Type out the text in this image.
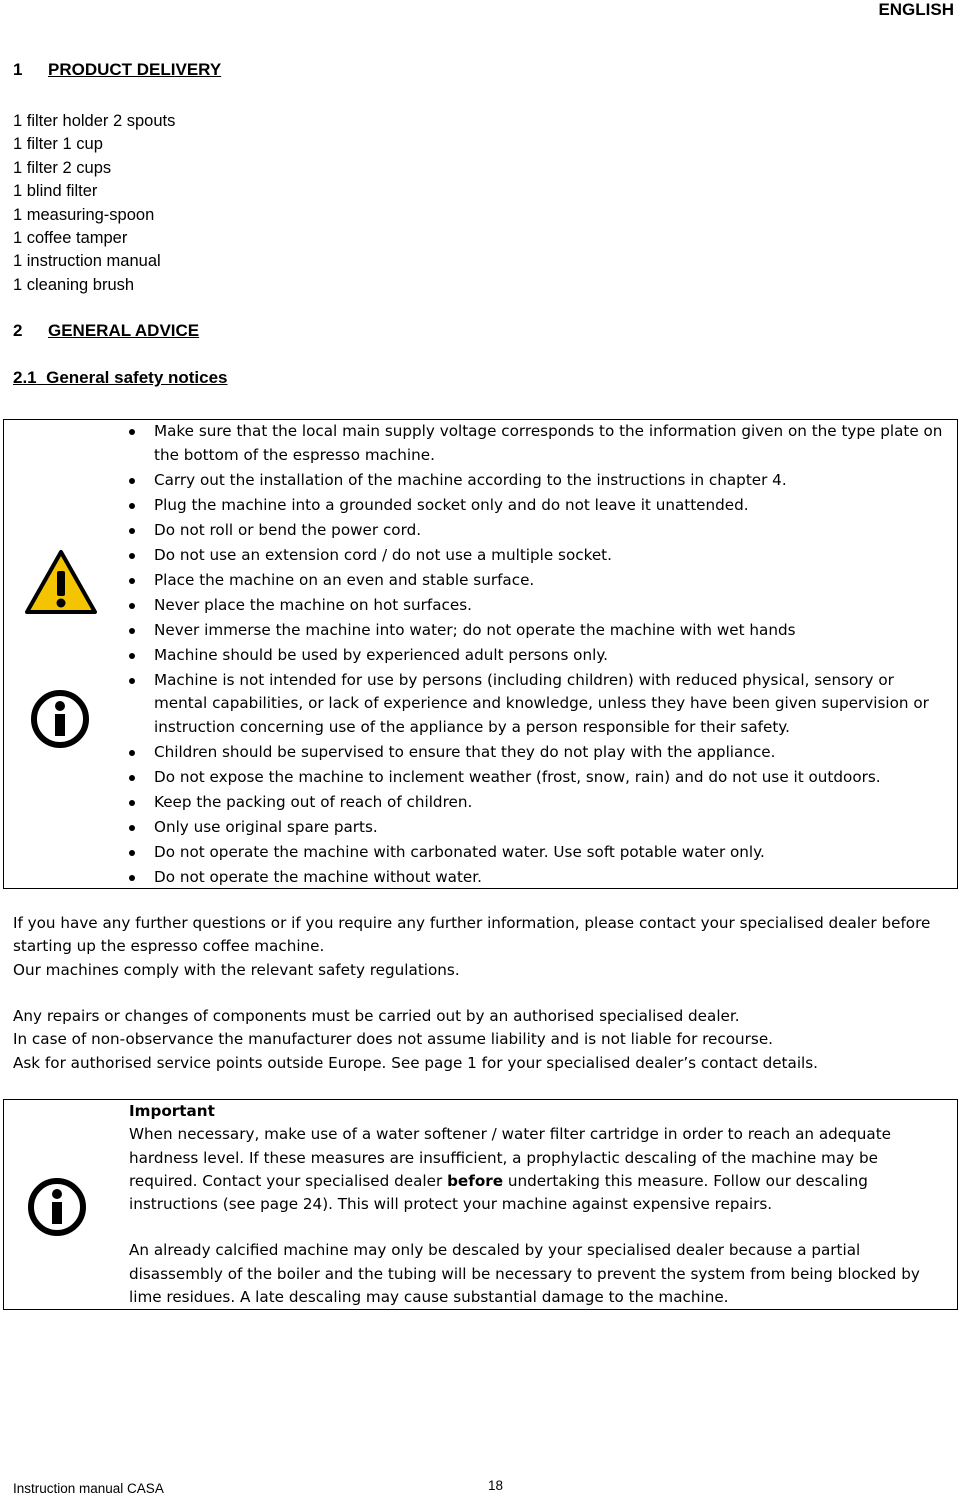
ENGLISH
1 PRODUCT DELIVERY
1 filter holder 2 spouts
1 filter 1 cup
1 filter 2 cups
1 blind filter
1 measuring-spoon
1 coffee tamper
1 instruction manual
1 cleaning brush
2 GENERAL ADVICE
2.1 General safety notices
Make sure that the local main supply voltage corresponds to the information given on the type plate on the bottom of the espresso machine.
Carry out the installation of the machine according to the instructions in chapter 4.
Plug the machine into a grounded socket only and do not leave it unattended.
Do not roll or bend the power cord.
Do not use an extension cord / do not use a multiple socket.
Place the machine on an even and stable surface.
Never place the machine on hot surfaces.
Never immerse the machine into water; do not operate the machine with wet hands
Machine should be used by experienced adult persons only.
Machine is not intended for use by persons (including children) with reduced physical, sensory or mental capabilities, or lack of experience and knowledge, unless they have been given supervision or instruction concerning use of the appliance by a person responsible for their safety.
Children should be supervised to ensure that they do not play with the appliance.
Do not expose the machine to inclement weather (frost, snow, rain) and do not use it outdoors.
Keep the packing out of reach of children.
Only use original spare parts.
Do not operate the machine with carbonated water. Use soft potable water only.
Do not operate the machine without water.
If you have any further questions or if you require any further information, please contact your specialised dealer before starting up the espresso coffee machine.
Our machines comply with the relevant safety regulations.
Any repairs or changes of components must be carried out by an authorised specialised dealer.
In case of non-observance the manufacturer does not assume liability and is not liable for recourse.
Ask for authorised service points outside Europe. See page 1 for your specialised dealer’s contact details.
Important
When necessary, make use of a water softener / water filter cartridge in order to reach an adequate hardness level. If these measures are insufficient, a prophylactic descaling of the machine may be required. Contact your specialised dealer before undertaking this measure. Follow our descaling instructions (see page 24). This will protect your machine against expensive repairs.
An already calcified machine may only be descaled by your specialised dealer because a partial disassembly of the boiler and the tubing will be necessary to prevent the system from being blocked by lime residues. A late descaling may cause substantial damage to the machine.
Instruction manual CASA	18
